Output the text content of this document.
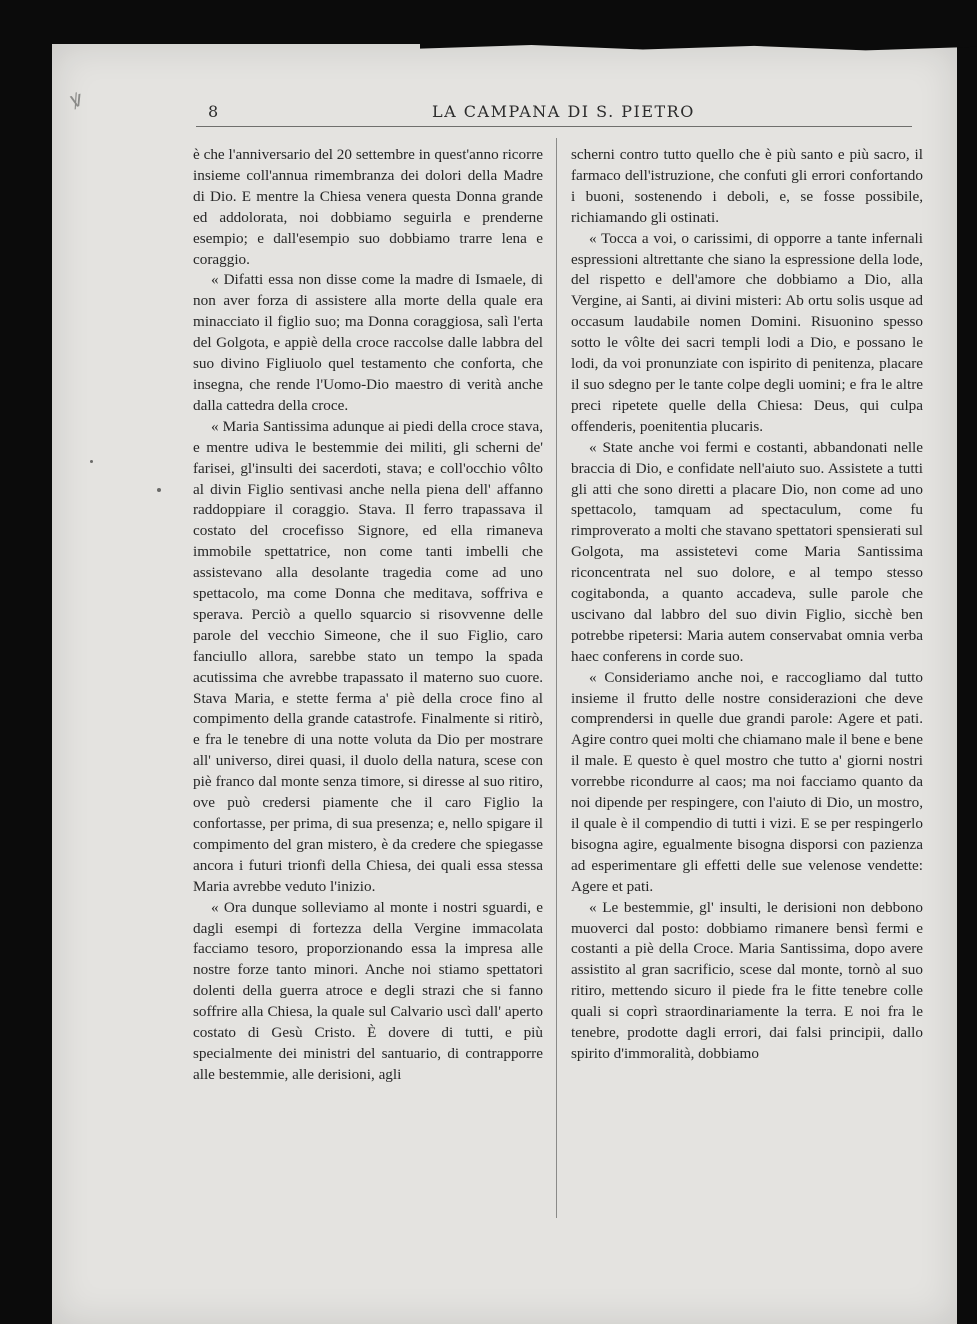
ꝟ	8	LA CAMPANA DI S. PIETRO

è che l'anniversario del 20 settembre in quest'anno ricorre insieme coll'annua rimembranza dei dolori della Madre di Dio. E mentre la Chiesa venera questa Donna grande ed addolorata, noi dobbiamo seguirla e prenderne esempio; e dall'esempio suo dobbiamo trarre lena e coraggio.

« Difatti essa non disse come la madre di Ismaele, di non aver forza di assistere alla morte della quale era minacciato il figlio suo; ma Donna coraggiosa, salì l'erta del Golgota, e appiè della croce raccolse dalle labbra del suo divino Figliuolo quel testamento che conforta, che insegna, che rende l'Uomo-Dio maestro di verità anche dalla cattedra della croce.

« Maria Santissima adunque ai piedi della croce stava, e mentre udiva le bestemmie dei militi, gli scherni de' farisei, gl'insulti dei sacerdoti, stava; e coll'occhio vôlto al divin Figlio sentivasi anche nella piena dell' affanno raddoppiare il coraggio. Stava. Il ferro trapassava il costato del crocefisso Signore, ed ella rimaneva immobile spettatrice, non come tanti imbelli che assistevano alla desolante tragedia come ad uno spettacolo, ma come Donna che meditava, soffriva e sperava. Perciò a quello squarcio si risovvenne delle parole del vecchio Simeone, che il suo Figlio, caro fanciullo allora, sarebbe stato un tempo la spada acutissima che avrebbe trapassato il materno suo cuore. Stava Maria, e stette ferma a' piè della croce fino al compimento della grande catastrofe. Finalmente si ritirò, e fra le tenebre di una notte voluta da Dio per mostrare all' universo, direi quasi, il duolo della natura, scese con piè franco dal monte senza timore, si diresse al suo ritiro, ove può credersi piamente che il caro Figlio la confortasse, per prima, di sua presenza; e, nello spigare il compimento del gran mistero, è da credere che spiegasse ancora i futuri trionfi della Chiesa, dei quali essa stessa Maria avrebbe veduto l'inizio.

« Ora dunque solleviamo al monte i nostri sguardi, e dagli esempi di fortezza della Vergine immacolata facciamo tesoro, proporzionando essa la impresa alle nostre forze tanto minori. Anche noi stiamo spettatori dolenti della guerra atroce e degli strazi che si fanno soffrire alla Chiesa, la quale sul Calvario uscì dall' aperto costato di Gesù Cristo. È dovere di tutti, e più specialmente dei ministri del santuario, di contrapporre alle bestemmie, alle derisioni, agli

scherni contro tutto quello che è più santo e più sacro, il farmaco dell'istruzione, che confuti gli errori confortando i buoni, sostenendo i deboli, e, se fosse possibile, richiamando gli ostinati.

« Tocca a voi, o carissimi, di opporre a tante infernali espressioni altrettante che siano la espressione della lode, del rispetto e dell'amore che dobbiamo a Dio, alla Vergine, ai Santi, ai divini misteri: Ab ortu solis usque ad occasum laudabile nomen Domini. Risuonino spesso sotto le vôlte dei sacri templi lodi a Dio, e possano le lodi, da voi pronunziate con ispirito di penitenza, placare il suo sdegno per le tante colpe degli uomini; e fra le altre preci ripetete quelle della Chiesa: Deus, qui culpa offenderis, poenitentia plucaris.

« State anche voi fermi e costanti, abbandonati nelle braccia di Dio, e confidate nell'aiuto suo. Assistete a tutti gli atti che sono diretti a placare Dio, non come ad uno spettacolo, tamquam ad spectaculum, come fu rimproverato a molti che stavano spettatori spensierati sul Golgota, ma assistetevi come Maria Santissima riconcentrata nel suo dolore, e al tempo stesso cogitabonda, a quanto accadeva, sulle parole che uscivano dal labbro del suo divin Figlio, sicchè ben potrebbe ripetersi: Maria autem conservabat omnia verba haec conferens in corde suo.

« Consideriamo anche noi, e raccogliamo dal tutto insieme il frutto delle nostre considerazioni che deve comprendersi in quelle due grandi parole: Agere et pati. Agire contro quei molti che chiamano male il bene e bene il male. E questo è quel mostro che tutto a' giorni nostri vorrebbe ricondurre al caos; ma noi facciamo quanto da noi dipende per respingere, con l'aiuto di Dio, un mostro, il quale è il compendio di tutti i vizi. E se per respingerlo bisogna agire, egualmente bisogna disporsi con pazienza ad esperimentare gli effetti delle sue velenose vendette: Agere et pati.

« Le bestemmie, gl' insulti, le derisioni non debbono muoverci dal posto: dobbiamo rimanere bensì fermi e costanti a piè della Croce. Maria Santissima, dopo avere assistito al gran sacrificio, scese dal monte, tornò al suo ritiro, mettendo sicuro il piede fra le fitte tenebre colle quali si coprì straordinariamente la terra. E noi fra le tenebre, prodotte dagli errori, dai falsi principii, dallo spirito d'immoralità, dobbiamo
